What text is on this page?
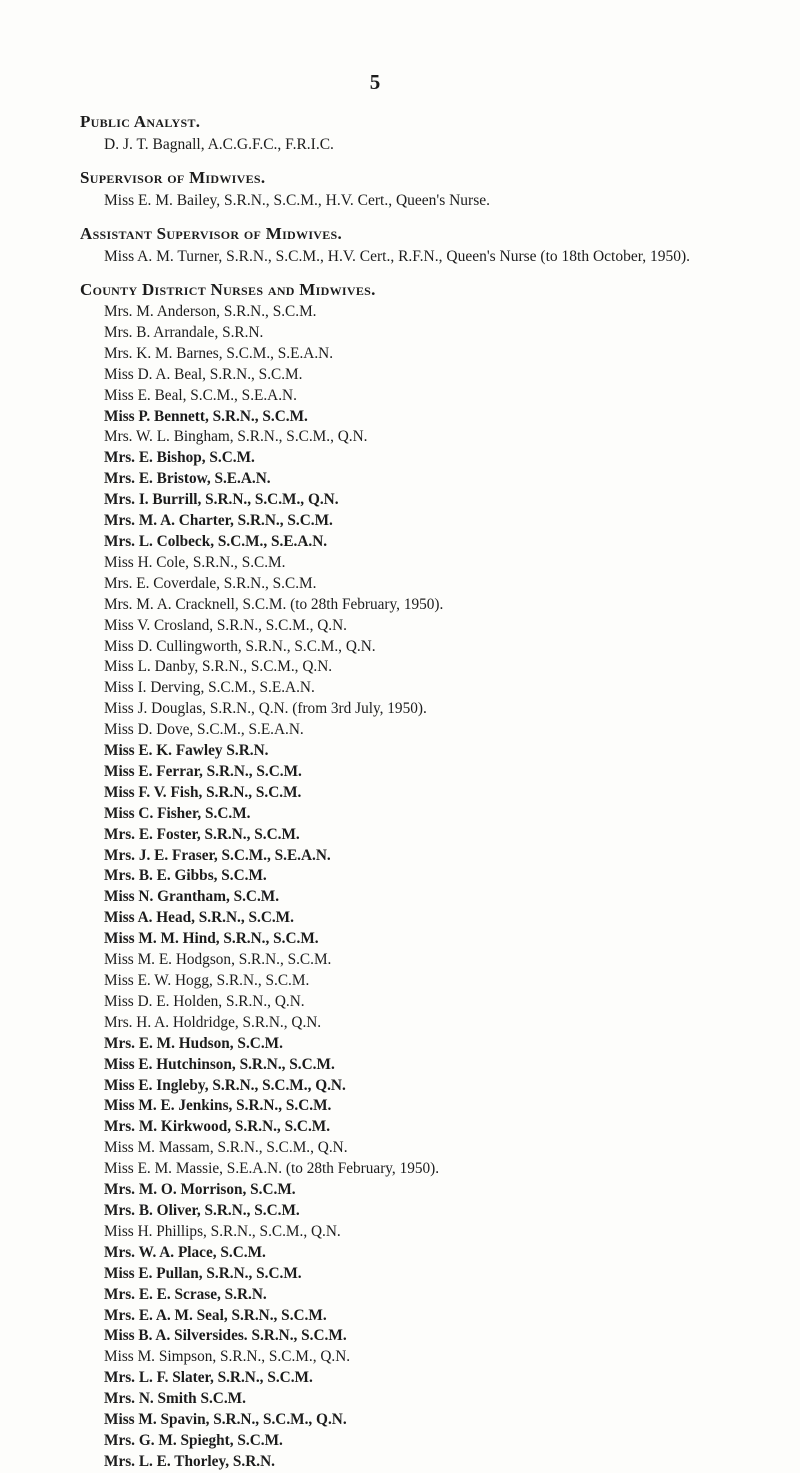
5
Public Analyst.
D. J. T. Bagnall, A.C.G.F.C., F.R.I.C.
Supervisor of Midwives.
Miss E. M. Bailey, S.R.N., S.C.M., H.V. Cert., Queen's Nurse.
Assistant Supervisor of Midwives.
Miss A. M. Turner, S.R.N., S.C.M., H.V. Cert., R.F.N., Queen's Nurse (to 18th October, 1950).
County District Nurses and Midwives.
Mrs. M. Anderson, S.R.N., S.C.M.
Mrs. B. Arrandale, S.R.N.
Mrs. K. M. Barnes, S.C.M., S.E.A.N.
Miss D. A. Beal, S.R.N., S.C.M.
Miss E. Beal, S.C.M., S.E.A.N.
Miss P. Bennett, S.R.N., S.C.M.
Mrs. W. L. Bingham, S.R.N., S.C.M., Q.N.
Mrs. E. Bishop, S.C.M.
Mrs. E. Bristow, S.E.A.N.
Mrs. I. Burrill, S.R.N., S.C.M., Q.N.
Mrs. M. A. Charter, S.R.N., S.C.M.
Mrs. L. Colbeck, S.C.M., S.E.A.N.
Miss H. Cole, S.R.N., S.C.M.
Mrs. E. Coverdale, S.R.N., S.C.M.
Mrs. M. A. Cracknell, S.C.M. (to 28th February, 1950).
Miss V. Crosland, S.R.N., S.C.M., Q.N.
Miss D. Cullingworth, S.R.N., S.C.M., Q.N.
Miss L. Danby, S.R.N., S.C.M., Q.N.
Miss I. Derving, S.C.M., S.E.A.N.
Miss J. Douglas, S.R.N., Q.N. (from 3rd July, 1950).
Miss D. Dove, S.C.M., S.E.A.N.
Miss E. K. Fawley S.R.N.
Miss E. Ferrar, S.R.N., S.C.M.
Miss F. V. Fish, S.R.N., S.C.M.
Miss C. Fisher, S.C.M.
Mrs. E. Foster, S.R.N., S.C.M.
Mrs. J. E. Fraser, S.C.M., S.E.A.N.
Mrs. B. E. Gibbs, S.C.M.
Miss N. Grantham, S.C.M.
Miss A. Head, S.R.N., S.C.M.
Miss M. M. Hind, S.R.N., S.C.M.
Miss M. E. Hodgson, S.R.N., S.C.M.
Miss E. W. Hogg, S.R.N., S.C.M.
Miss D. E. Holden, S.R.N., Q.N.
Mrs. H. A. Holdridge, S.R.N., Q.N.
Mrs. E. M. Hudson, S.C.M.
Miss E. Hutchinson, S.R.N., S.C.M.
Miss E. Ingleby, S.R.N., S.C.M., Q.N.
Miss M. E. Jenkins, S.R.N., S.C.M.
Mrs. M. Kirkwood, S.R.N., S.C.M.
Miss M. Massam, S.R.N., S.C.M., Q.N.
Miss E. M. Massie, S.E.A.N. (to 28th February, 1950).
Mrs. M. O. Morrison, S.C.M.
Mrs. B. Oliver, S.R.N., S.C.M.
Miss H. Phillips, S.R.N., S.C.M., Q.N.
Mrs. W. A. Place, S.C.M.
Miss E. Pullan, S.R.N., S.C.M.
Mrs. E. E. Scrase, S.R.N.
Mrs. E. A. M. Seal, S.R.N., S.C.M.
Miss B. A. Silversides. S.R.N., S.C.M.
Miss M. Simpson, S.R.N., S.C.M., Q.N.
Mrs. L. F. Slater, S.R.N., S.C.M.
Mrs. N. Smith S.C.M.
Miss M. Spavin, S.R.N., S.C.M., Q.N.
Mrs. G. M. Spieght, S.C.M.
Mrs. L. E. Thorley, S.R.N.
